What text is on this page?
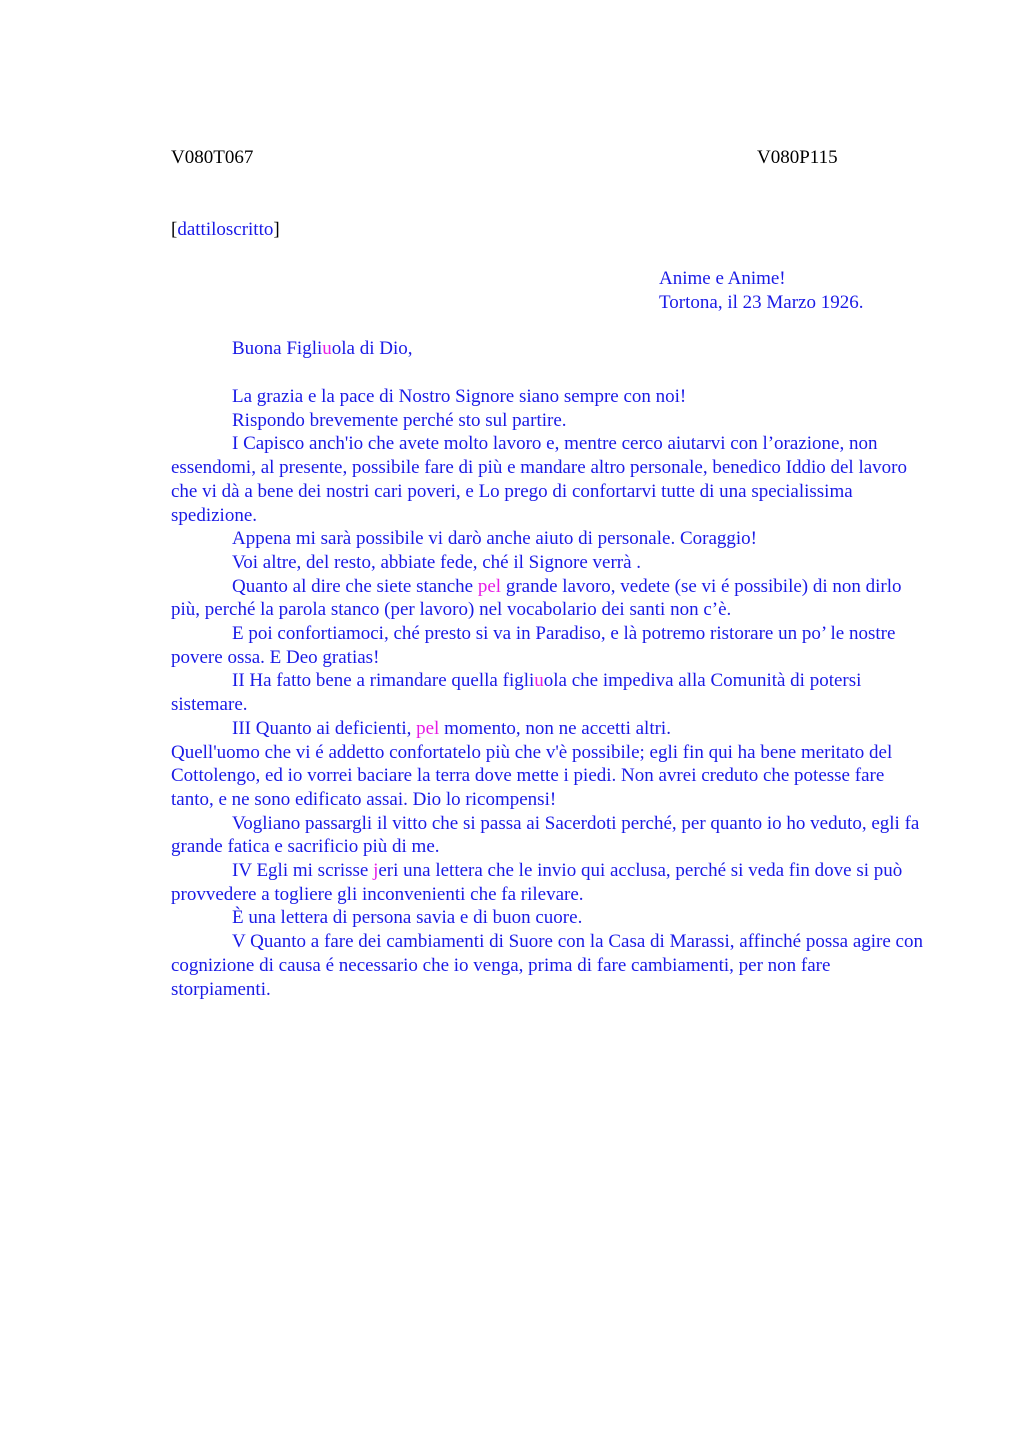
V080T067	V080P115
[dattiloscritto]
Anime e Anime!
Tortona, il 23 Marzo 1926.
Buona Figliuola di Dio,

La grazia e la pace di Nostro Signore siano sempre con noi!

Rispondo brevemente perché sto sul partire.

I Capisco anch'io che avete molto lavoro e, mentre cerco aiutarvi con l’orazione, non essendomi, al presente, possibile fare di più e mandare altro personale, benedico Iddio del lavoro che vi dà a bene dei nostri cari poveri, e Lo prego di confortarvi tutte di una specialissima spedizione.

Appena mi sarà possibile vi darò anche aiuto di personale. Coraggio!

Voi altre, del resto, abbiate fede, ché il Signore verrà .

Quanto al dire che siete stanche pel grande lavoro, vedete (se vi é possibile) di non dirlo più, perché la parola stanco (per lavoro) nel vocabolario dei santi non c’è.

E poi confortiamoci, ché presto si va in Paradiso, e là potremo ristorare un po’ le nostre povere ossa. E Deo gratias!

II Ha fatto bene a rimandare quella figliuola che impediva alla Comunità di potersi sistemare.

III Quanto ai deficienti, pel momento, non ne accetti altri.

Quell'uomo che vi é addetto confortatelo più che v'è possibile; egli fin qui ha bene meritato del Cottolengo, ed io vorrei baciare la terra dove mette i piedi. Non avrei creduto che potesse fare tanto, e ne sono edificato assai. Dio lo ricompensi!

Vogliano passargli il vitto che si passa ai Sacerdoti perché, per quanto io ho veduto, egli fa grande fatica e sacrificio più di me.

IV Egli mi scrisse jeri una lettera che le invio qui acclusa, perché si veda fin dove si può provvedere a togliere gli inconvenienti che fa rilevare.

È una lettera di persona savia e di buon cuore.

V Quanto a fare dei cambiamenti di Suore con la Casa di Marassi, affinché possa agire con cognizione di causa é necessario che io venga, prima di fare cambiamenti, per non fare storpiamenti.
